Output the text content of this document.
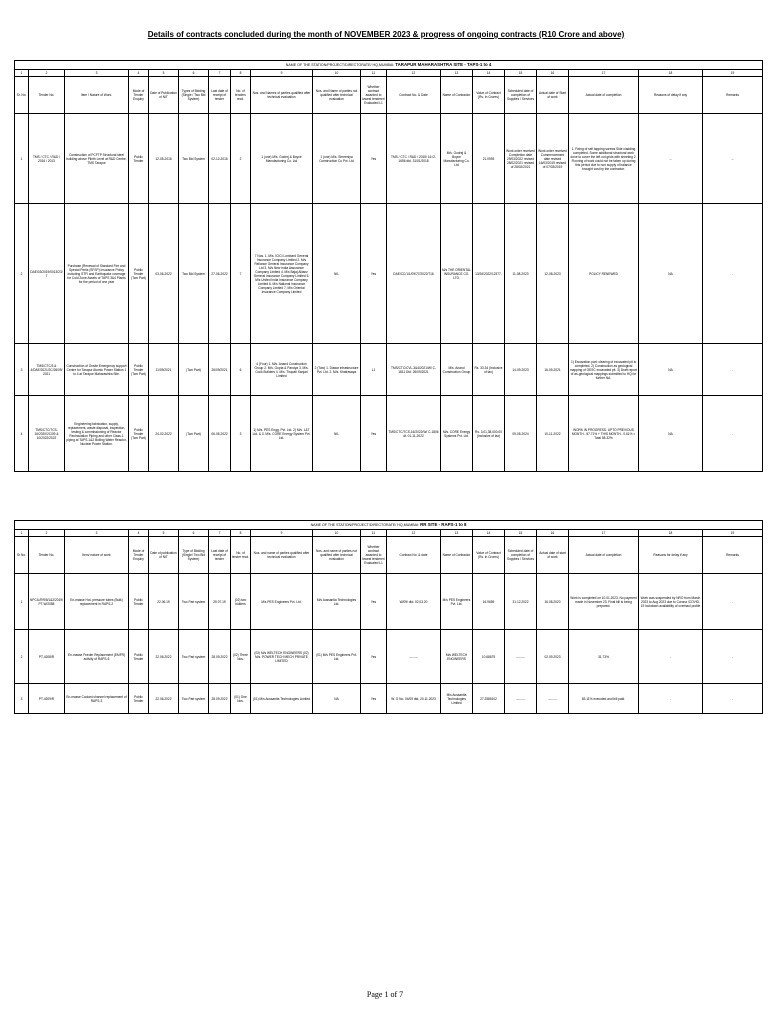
Details of contracts concluded during the month of NOVEMBER 2023 & progress of ongoing contracts (R10 Crore and above)
NAME OF THE STATION/PROJECT/DIRECTORATE/ HQ,MUMBAI: TARAPUR MAHARASHTRA SITE - TAPS-1 to 4																		
1	2	3	4	5	6	7	8	9	10	11	12	13	14	15	16	17	18	19
Sr. No.	Tender No.	Item / Nature of Work.	Mode of Tender Enquiry	Date of Publication of NIT	Types of Bidding (Single / Two Bid System)	Last date of receipt of tender	No. of tenders recd.	Nos. and Names of parties qualified after technical evaluation	Nos. and Name of parties not qualified after technical evaluation	Whether contract awarded to lowest tenderer/ Evaluated L1	Contract No. & Date	Name of Contractor	Value of Contract (Rs. In Crores)	Scheduled date of completion of Supplies / Services	Actual date of Start of work	Actual date of completion	Reasons of delay if any	Remarks
1	TMS / CTC / R&D / 2016 / 2013	Construction of PCFTP Structural steel building above Plinth Level at R&D Centre, TMS Tarapur	Public Tender	12-05-2016	Two Bid System	02-12-2016	2	1 (one) M/s. Godrej & Boyce Manufacturing Co. Ltd	1 (one) M/s. Shreeniya Construction Co Pvt. Ltd	Yes	TMS / CTC / R&D / 2015/ 16 /2-1656 dtd. 31/01/2018	M/s. Godrej & Boyce Manufacturing Co. Ltd	21.0993	Work order received Completion date 29/03/2022 revised 28/02/2021 revised of 28/02/2021	Work order received Commencement date revised 16/03/2019 revised of 07/03/2019	1. Fixing of self tapping screws Side cladding completed. Some additional structural work done to cover the left out grids with sheeting 2. Flooring of work could not be taken up during this period due to non supply of balance brought cost by the contractor.	--	--
2	DAE/03/2019/0013/23/7	Purchase (Renewal of Standard Fire and Special Perils (SFSP) Insurance Policy including STFI and Earthquake coverage for Cold Zone Assets of TAPS 3&4 Plants for the period of one year	Public Tender (Two Part)	03-06-2022	Two Bid System	27-06-2022	7	7 Nos. 1. M/s. ICICI Lombard General Insurance Company Limited 2. M/s Reliance General Insurance Company Ltd 3. M/s New India Assurance Company Limited 4. M/s Bajaj Allianz General Insurance Company Limited 5. M/s United India Insurance Company Limited 6. M/s National Insurance Company Limited 7. M/s Oriental Insurance Company Limited	NIL	Yes	DAE/CC/1/1/09/77/2022/716	M/s THE ORIENTAL INSURANCE CO. LTD.	13/26/2022/12377-	11-08-2023	12-08-2023	POLICY RENEWED	NA	-
3	TMS/CTC/3 & 4/DAE/2021/2C/26/09/2021	Construction of Onsite Emergency support Centre for Tarapur Atomic Power Station 1 to 4 at Tarapur Maharashtra Site.	Public Tender (Two Part)	11/09/2021	(Two Part)	26/09/2021	6	4 (Four) 1. M/s. Anand Construction Group 2. M/s. Gupta & Pandya 3. M/s. Cock Builders 4. M/s. Tirupati Sanjari Limited	2 (Two) 1. Dawar infrastructure Pvt. Ltd. 2. M/s. Khatrasaya	L1	TMS/CTC/CVL-3&4/2021/W/ C-1811 Dtd. 26/09/2021	M/s. Anand Construction Group	Rs. 33.34 (Inclusive of tax)	14-09-2023	16-09-2021	1) Excavation part: clearing of excavated pit is completed. 2) Construction as geological mapping of OESC excavated pit. 3) Draft report of as-geological mappings submitted to HQ for further NA.	NA	-
4	TMS/CTC/TCS-16/2020/2C/09 & 10/2022/2022	Engineering fabrication, supply, replacement, waste disposal, inspection, testing & commissioning of Reactor Recirculation Piping and other Class-1 piping at TAPS-1&2 Boiling Water Reactor, Nuclear Power Station.	Public Tender (Two Part)	24-02-2022	(Two Part)	06-05-2022	3	1) M/s. PES Engg. Pvt. Ltd. 2) M/s. L&T Ltd. & 3. M/s. CORE Energy System Pvt. Ltd.	NIL	Yes	TMS/CTC/TCS-16/2022/W/ C-1806 dt. 01-11-2022	M/s. CORE Energy Systems Pvt. Ltd.	Rs. 3,01,38,000.00 (Inclusive of tax)	09-05-2024	10-11-2022	WORK IN PROGRESS. UPTO PREVIOUS MONTH - 57.71% + THIS MONTH - 0.61% = Total 58.32%	NA	-
NAME OF THE STATION/PROJECT/DIRECTORATE/ HQ,MUMBAI: RR SITE - RAPS-1 to 8																		
1	2	3	4	5	6	7	8	9	10	11	12	13	14	15	16	17	18	19
Sr No.	Tender No.	Item/ nature of work	Mode of Tender Enquiry	Date of publication of NIT	Type of Bidding (Single/ Two Bid System)	Last date of receipt of tender	No. of tender recd.	Nos. and name of parties qualified after technical evaluation	Nos. and name of parties not qualified after technical evaluation	Whether contract awarded to lowest tenderer/ Evaluated L1	Contract No. & date	Name of Contractor	Value of Contract (Rs. in Crores)	Scheduled date of completion of Supplies / Services	Actual date of start of work	Actual date of completion	Reasons for delay if any	Remarks
1	NPCIL/RR/5/1&2/2019/PT-W/2088	En-masse Hot- pressure tubes (Bulk) replacement in RAPS-2	Public Tender	22.06.19	Two Part system	25.07.19	(02) two bidders	M/s PES Engineers Pvt. Ltd.	M/s Aussantia Technologies Ltd.	Yes	W/09/ dtd. 02.03.20	M/s PES Engineers Pvt. Ltd.	16.9659	31.12.2022	16.08.2020	Work is completed on 10.01.2023. No payment made in November 23. Final bill is being prepared.	Work was suspended by NRO from March 2023 to Aug 2023 due to Corona /COVID-19 lockdown availability of overhaul profile	-
2	PT-4208/R	En-masse Feeder Replacement (EMFR) activity of RAPS-6	Public Tender	22.06.2022	Two Part system	28.09.2022	(02) Three Nos.	(02) M/s WELTECH ENGINEERS (02) M/s. POWER TECH MECH PRIVATE LIMITED	(01) M/s PES Engineers Pvt. Ltd.	Yes	--------	M/s WELTECH ENGINEERS	10.68675	--------	02.09.2023	31.73%	-	-
3	PT-4209/R	En-masse Coolant channel replacement of RAPS-3	Public Tender	22.06.2022	Two Part system	28.09.2022	(01) One Nos.	(01) M/s Aussantia Technologies Limited	NA	Yes	W. O No. 04/09 dtd. 20.11.2023	M/s Aussantia Technologies Limited	27.2585102	--------	--------	83.11% executed and bill paid.	-	-

Page 1 of 7
